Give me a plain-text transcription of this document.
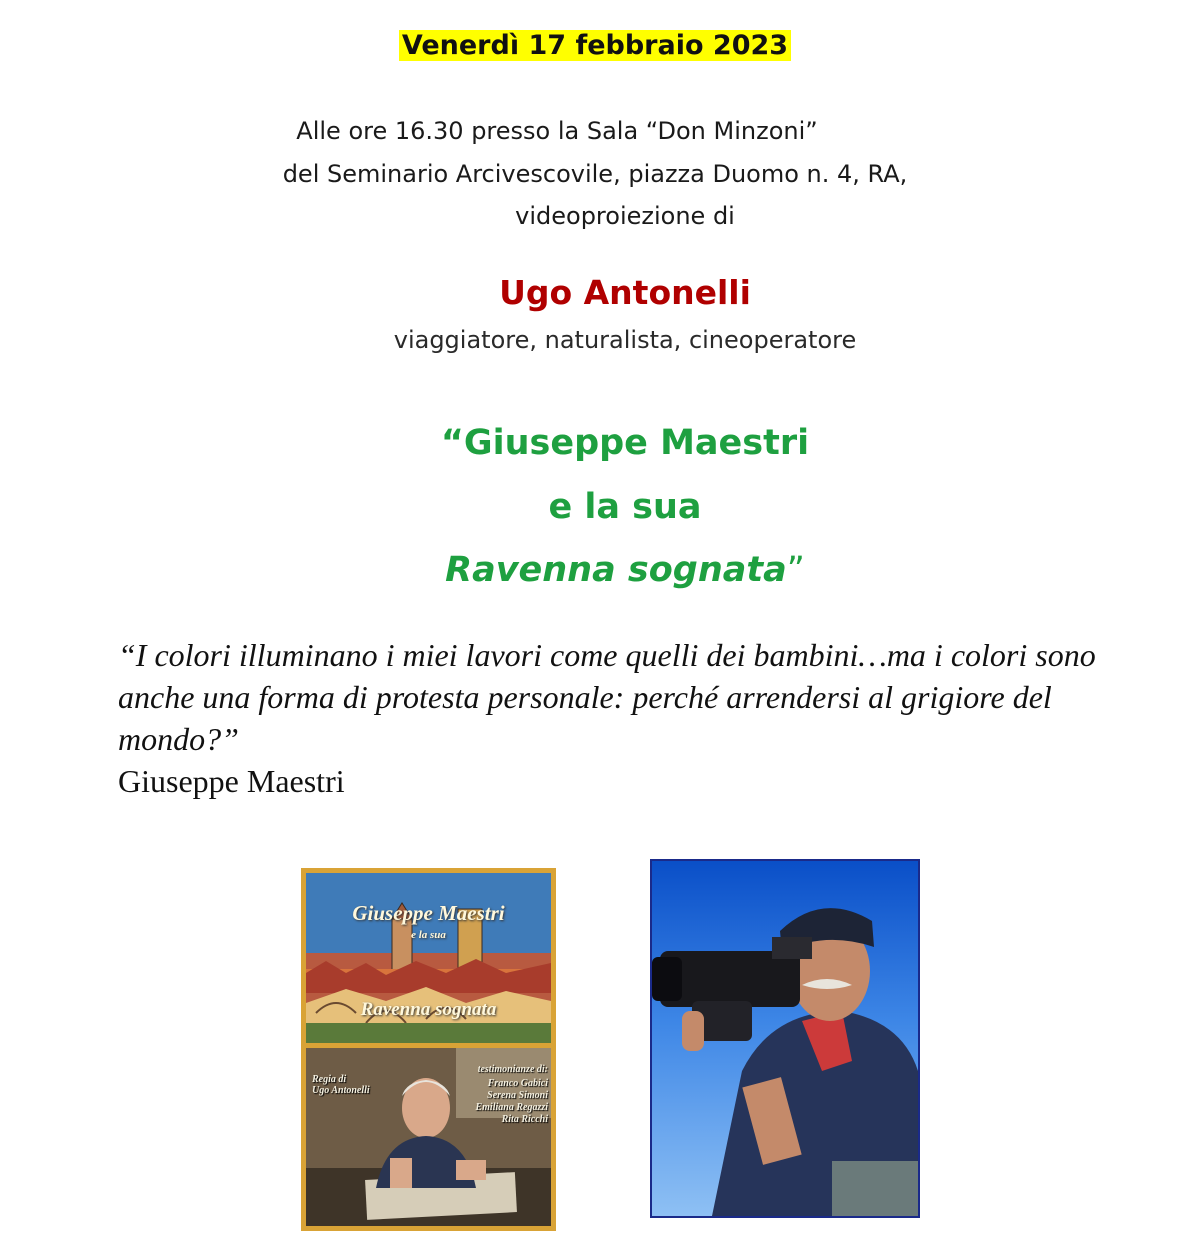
Venerdì 17 febbraio 2023
Alle ore 16.30 presso la Sala “Don Minzoni”
del Seminario Arcivescovile, piazza Duomo n. 4, RA,
videoproiezione di
Ugo Antonelli
viaggiatore, naturalista, cineoperatore
“Giuseppe Maestri
e la sua
Ravenna sognata”
“I colori illuminano i miei lavori come quelli dei bambini…ma i colori sono anche una forma di protesta personale: perché arrendersi al grigiore del mondo?”
Giuseppe Maestri
Giuseppe Maestri
e la sua
Ravenna sognata
Regia di
Ugo Antonelli
testimonianze di:
Franco Gabici
Serena Simoni
Emiliana Regazzi
Rita Ricchi
